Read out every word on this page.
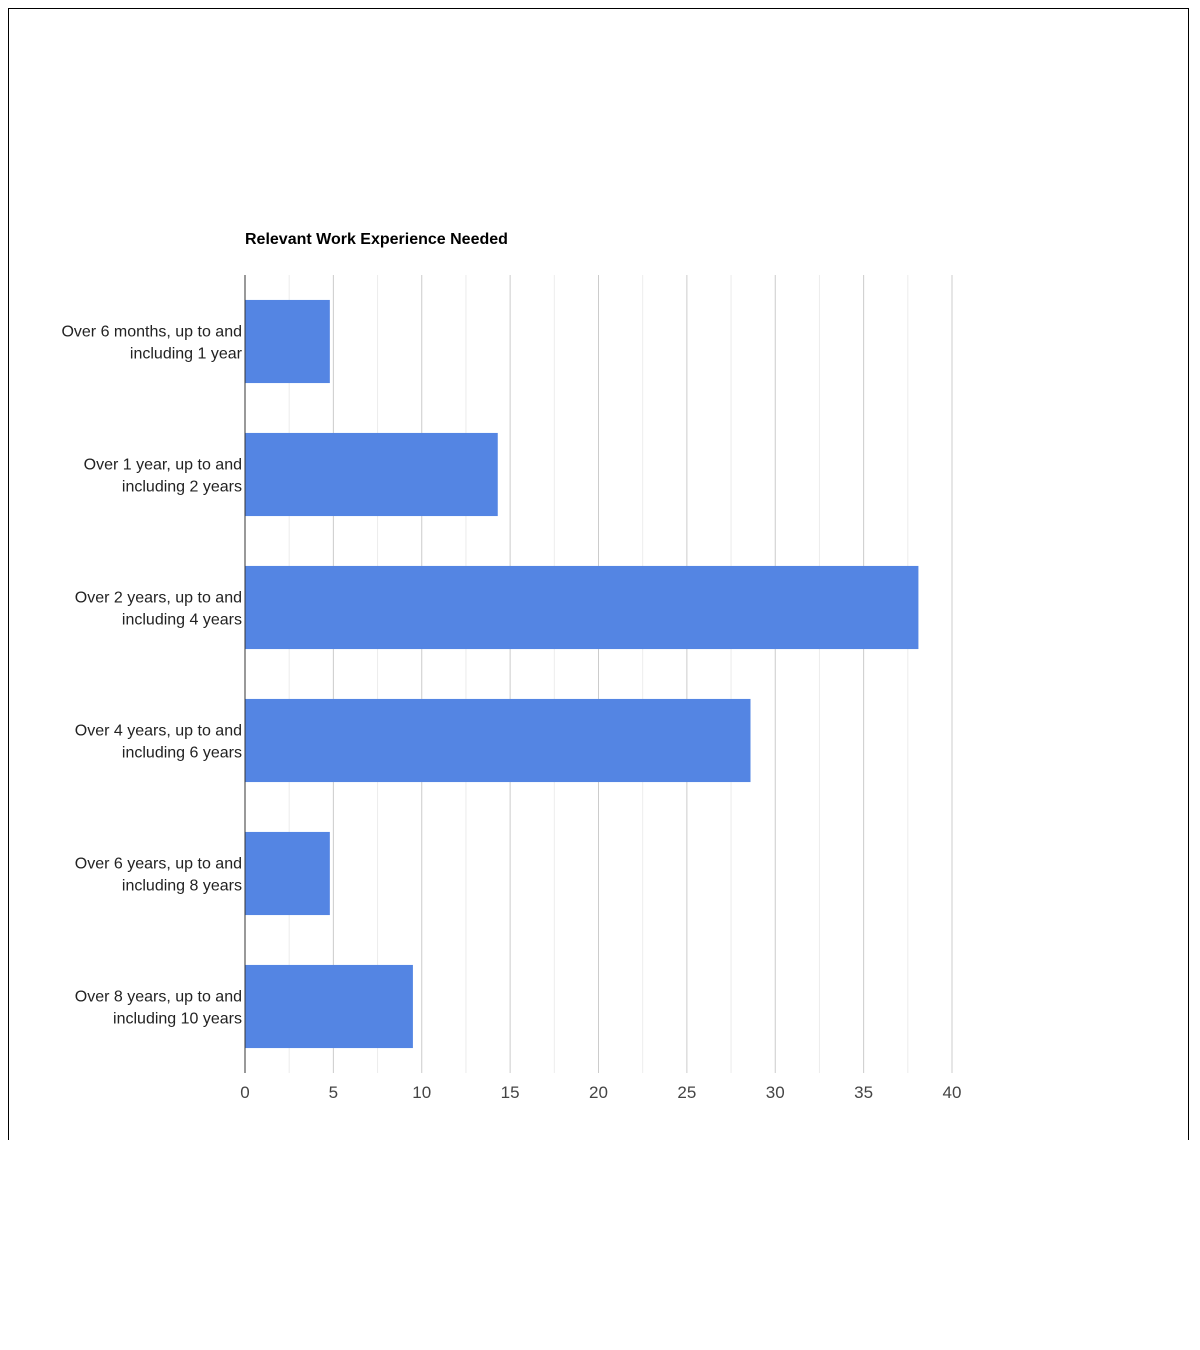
0	5	10	15	20	25	30	35	40
Over 6 months, up to and including 1 year
Over 1 year, up to and including 2 years
Over 2 years, up to and including 4 years
Over 4 years, up to and including 6 years
Over 6 years, up to and including 8 years
Over 8 years, up to and including 10 years
Relevant Work Experience Needed
